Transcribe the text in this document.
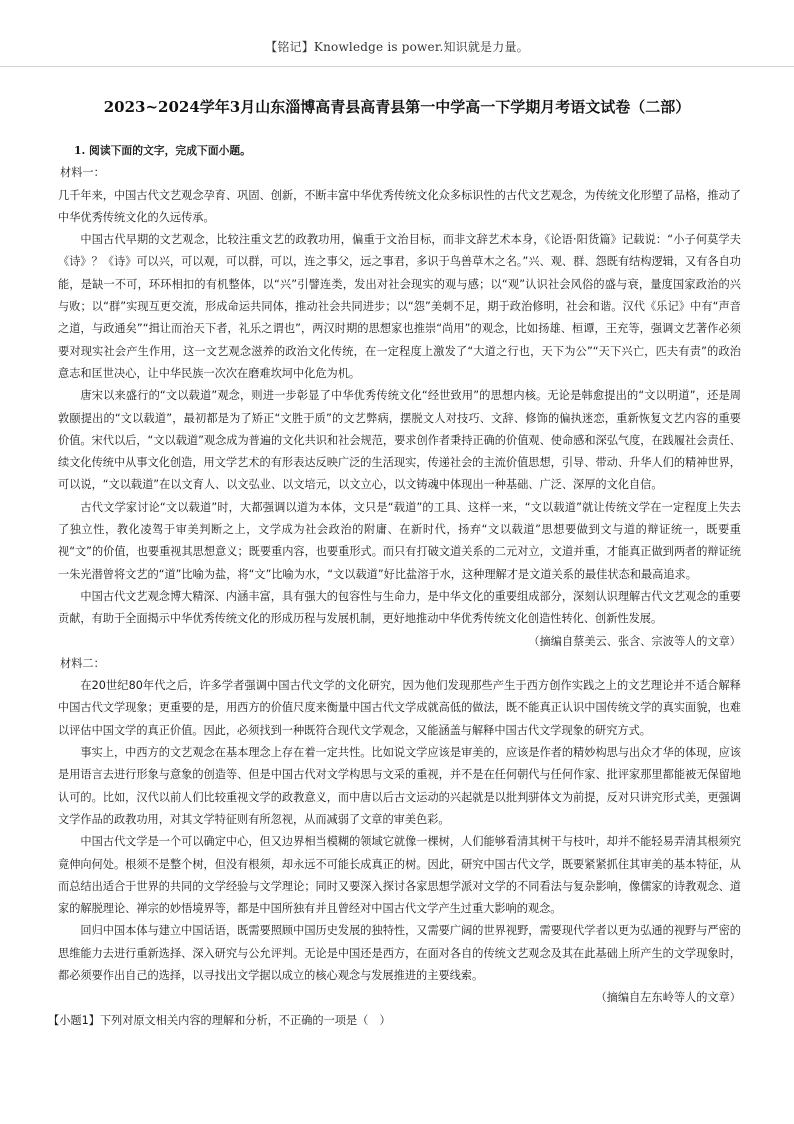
【铭记】Knowledge is power.知识就是力量。
2023~2024学年3月山东淄博高青县高青县第一中学高一下学期月考语文试卷（二部）

1. 阅读下面的文字，完成下面小题。

材料一：

几千年来，中国古代文艺观念孕育、巩固、创新，不断丰富中华优秀传统文化众多标识性的古代文艺观念，为传统文化形塑了品格，推动了中华优秀传统文化的久远传承。

中国古代早期的文艺观念，比较注重文艺的政教功用，偏重于文治目标，而非文辞艺术本身，《论语·阳货篇》记载说：“小子何莫学夫《诗》？《诗》可以兴，可以观，可以群，可以，连之事父，远之事君，多识于鸟兽草木之名。”兴、观、群、怨既有结构逻辑，又有各自功能，是缺一不可，环环相扣的有机整体，以“兴”引譬连类，发出对社会现实的观与感；以“观”认识社会风俗的盛与衰，量度国家政治的兴与败；以“群”实现互更交流，形成命运共同体，推动社会共同进步；以“怨”美刺不足，期于政治修明，社会和谐。汉代《乐记》中有“声音之道，与政通矣”“揖让而治天下者，礼乐之谓也”，两汉时期的思想家也推崇“尚用”的观念，比如扬雄、桓谭，王充等，强调文艺著作必须要对现实社会产生作用，这一文艺观念滋养的政治文化传统，在一定程度上激发了“大道之行也，天下为公”“天下兴亡，匹夫有责”的政治意志和匡世决心，让中华民族一次次在磨难坎坷中化危为机。

唐宋以来盛行的“文以载道”观念，则进一步彰显了中华优秀传统文化“经世致用”的思想内核。无论是韩愈提出的“文以明道”，还是周敦颐提出的“文以载道”，最初都是为了矫正“文胜于质”的文艺弊病，摆脱文人对技巧、文辞、修饰的偏执迷恋，重新恢复文艺内容的重要价值。宋代以后，“文以载道”观念成为普遍的文化共识和社会规范，要求创作者秉持正确的价值观、使命感和深弘气度，在践履社会责任、续文化传统中从事文化创造，用文学艺术的有形表达反映广泛的生活现实，传递社会的主流价值思想，引导、带动、升华人们的精神世界，可以说，“文以载道”在以文育人、以文弘业、以文培元，以文立心，以文铸魂中体现出一种基础、广泛、深厚的文化自信。

古代文学家讨论“文以载道”时，大都强调以道为本体，文只是“载道”的工具、这样一来，“文以载道”就让传统文学在一定程度上失去了独立性，教化凌驾于审美判断之上，文学成为社会政治的附庸、在新时代，扬弃“文以载道”思想要做到文与道的辩证统一，既要重视“文”的价值，也要重视其思想意义；既要重内容，也要重形式。而只有打破文道关系的二元对立，文道并重，才能真正做到两者的辩证统一朱光潜曾将文艺的“道”比喻为盐，将“文”比喻为水，“文以载道”好比盐溶于水，这种理解才是文道关系的最佳状态和最高追求。

中国古代文艺观念博大精深、内涵丰富，具有强大的包容性与生命力，是中华文化的重要组成部分，深刻认识理解古代文艺观念的重要贡献，有助于全面揭示中华优秀传统文化的形成历程与发展机制，更好地推动中华优秀传统文化创造性转化、创新性发展。

（摘编自蔡美云、张含、宗波等人的文章）

材料二：

在20世纪80年代之后，许多学者强调中国古代文学的文化研究，因为他们发现那些产生于西方创作实践之上的文艺理论并不适合解释中国古代文学现象；更重要的是，用西方的价值尺度来衡量中国古代文学成就高低的做法，既不能真正认识中国传统文学的真实面貌，也难以评估中国文学的真正价值。因此，必须找到一种既符合现代文学观念，又能涵盖与解释中国古代文学现象的研究方式。

事实上，中西方的文艺观念在基本理念上存在着一定共性。比如说文学应该是审美的，应该是作者的精妙构思与出众才华的体现，应该是用语言去进行形象与意象的创造等、但是中国古代对文学构思与文采的重视，并不是在任何朝代与任何作家、批评家那里都能被无保留地认可的。比如，汉代以前人们比较重视文学的政教意义，而中唐以后古文运动的兴起就是以批判骈体文为前提，反对只讲究形式美，更强调文学作品的政教功用，对其文学特征则有所忽视，从而减弱了文章的审美色彩。

中国古代文学是一个可以确定中心，但又边界相当模糊的领域它就像一棵树，人们能够看清其树干与枝叶，却并不能轻易弄清其根须究竟伸向何处。根须不是整个树，但没有根须，却永远不可能长成真正的树。因此，研究中国古代文学，既要紧紧抓住其审美的基本特征，从而总结出适合于世界的共同的文学经验与文学理论；同时又要深入探讨各家思想学派对文学的不同看法与复杂影响，像儒家的诗教观念、道家的解脱理论、禅宗的妙悟境界等，都是中国所独有并且曾经对中国古代文学产生过重大影响的观念。

回归中国本体与建立中国话语，既需要照顾中国历史发展的独特性，又需要广阔的世界视野，需要现代学者以更为弘通的视野与严密的思维能力去进行重新选择、深入研究与公允评判。无论是中国还是西方，在面对各自的传统文艺观念及其在此基础上所产生的文学现象时，都必须要作出自己的选择，以寻找出文学据以成立的核心观念与发展推进的主要线索。

（摘编自左东岭等人的文章）

【小题1】下列对原文相关内容的理解和分析，不正确的一项是（　）
